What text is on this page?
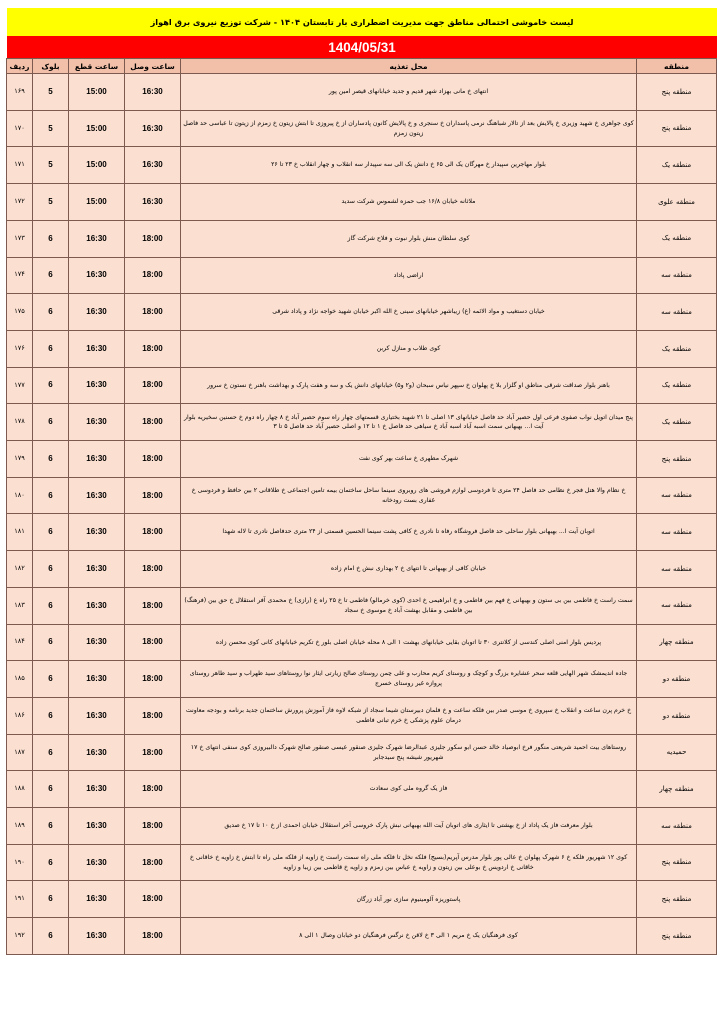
لیست خاموشی احتمالی مناطق جهت مدیریت اضطراری بار تابستان ۱۴۰۴ - شرکت توزیع نیروی برق اهواز
1404/05/31
منطقه	محل تغذیه	ساعت وصل	ساعت قطع	بلوک	ردیف
منطقه پنج	انتهای خ مانی بهزاد شهر قدیم و جدید خیابانهای قیصر امین پور	16:30	15:00	5	۱۶۹
منطقه پنج	کوی جواهری خ شهید وزیری خ پالایش بعد از تالار شباهنگ نرمی پاسداران خ سنجری و خ پالایش کانون پادساران از خ پیروزی تا ابتش زیتون خ زمزم از زیتون تا عباسی حد فاصل زیتون زمزم	16:30	15:00	5	۱۷۰
منطقه یک	بلوار مهاجرین سپیدار خ مهرگان یک الی ۶۵ خ دانش یک الی سه سپیدار سه انقلاب و چهار انقلاب خ ۲۳ تا ۲۶	16:30	15:00	5	۱۷۱
منطقه علوی	ملاثانه خیابان ۱۶/۸ جب حمزه لشموس شرکت سدید	16:30	15:00	5	۱۷۲
منطقه یک	کوی سلطان منش بلوار نبوت و فلاح شرکت گاز	18:00	16:30	6	۱۷۳
منطقه سه	اراضی پاداد	18:00	16:30	6	۱۷۴
منطقه سه	خیابان دستغیب و مواد الائمه (ع) زیباشهر خیابانهای سینی خ الله اکبر خیابان شهید خواجه نژاد و پاداد شرقی	18:00	16:30	6	۱۷۵
منطقه یک	کوی طلاب و منازل کربن	18:00	16:30	6	۱۷۶
منطقه یک	باهنر بلوار صداقت شرقی مناطق او گلزار بلا خ پهلوان خ سپهر نیاس سبحان (و۲ و۵) خیابانهای دانش یک و سه و هفت پارک و بهداشت باهنر خ نستون خ سرور	18:00	16:30	6	۱۷۷
منطقه یک	پنج میدان اتویل نواب صفوی فرعی اول حصیر آباد حد فاصل خیابانهای ۱۳ اصلی تا ۲۱ شهید بختیاری قسمتهای چهار راه سوم حصیر آباد خ ۸ چهار راه دوم خ حسنین سخیریه بلوار آیت ا... بهبهانی سمت اسبه آباد اسبه آباد خ سیاهی حد فاصل خ ۱ تا ۱۲ و اصلی حصیر آباد حد فاصل ۵ تا ۳	18:00	16:30	6	۱۷۸
منطقه پنج	شهرک مطهری خ ساعت بهر کوی نفت	18:00	16:30	6	۱۷۹
منطقه سه	خ نظام والا هتل فجر خ نظامی حد فاصل ۲۴ متری تا فردوسی لوازم فروشی های روبروی سینما ساحل ساختمان بیمه تامین اجتماعی خ طلاقانی ۲ بین حافظ و فردوسی خ غفاری بست رودخانه	18:00	16:30	6	۱۸۰
منطقه سه	اتوبان آیت ا... بهبهانی بلوار ساحلی حد فاصل فروشگاه رفاه تا نادری خ کافی پشت سینما الحسین قسمتی از ۲۴ متری حدفاصل نادری تا لاله شهدا	18:00	16:30	6	۱۸۱
منطقه سه	خیابان کافی از بهبهانی تا انتهای خ ۲ بهداری نبش خ امام زاده	18:00	16:30	6	۱۸۲
منطقه سه	سمت راست خ فاطمی بین بی ستون و بهبهانی خ فهم بین فاطمی و خ ابراهیمی خ احدی (کوی خرمالو) فاطمی تا خ ۲۵ راه ع (رازی) خ محمدی آفر استقلال خ حق بین (فرهنگ) بین فاطمی و مقابل بهشت آباد خ موسوی خ سجاد	18:00	16:30	6	۱۸۳
منطقه چهار	پردیس بلوار امنی اصلی کندسی از کلانتری ۳۰ تا اتوبان بقایی خیابانهای بهشت ۱ الی ۸ محله خیابان اصلی بلور خ تکریم خیابانهای کانی کوی محسن زاده	18:00	16:30	6	۱۸۴
منطقه دو	جاده اندیمشک شهر الهایی قلعه سحر عشایره بزرگ و کوچک و روستای کریم محارب و علی چمن روستای صالح زیارتی ایثار نوا روستاهای سید طهراب و سید طاهر روستای پروازه غیر روستای خسرج	18:00	16:30	6	۱۸۵
منطقه دو	خ خرم پرن ساعت و انقلاب خ سپروی خ موسی صدر بین فلکه ساعت و خ فلمان دبیرستان شیما سجاد از شبکه لاوه فاز آموزش پرورش ساختمان جدید برنامه و بودجه معاونت درمان علوم پزشکی خ خرم تبانی فاطمی	18:00	16:30	6	۱۸۶
حمیدیه	روستاهای بیت احمید شریعتی منگور فرخ ابوصیاد خالد حسن ابو سکور جلیزی عبدالرضا شهرک جلیزی صنقور عیسی صنقور صالح شهرک دالبیروزی کوی سنفی انتهای خ ۱۷ شهریور شیشه پنج سیدجابر	18:00	16:30	6	۱۸۷
منطقه چهار	فاز یک گروه ملی کوی سعادت	18:00	16:30	6	۱۸۸
منطقه سه	بلوار معرفت فاز یک پاداد از خ بهشتی تا ایثاری های اتوبان آیت الله بهبهانی نبش پارک خروسی آخر استقلال خیابان احمدی از خ ۱۰ تا ۱۷ خ صدیق	18:00	16:30	6	۱۸۹
منطقه پنج	کوی ۱۲ شهریور فلکه خ ۶ شهرک پهلوان خ عالی پور بلوار مدرس آپریم(بسیج) فلکه نخل تا فلکه ملی راه سمت راست خ زاویه از فلکه ملی راه تا ابتش خ زاویه خ خاقانی خ خاقانی خ اردویس خ بوعلی بین زیتون و زاویه خ عباس بین زمزم و زاویه خ قاطمی بین زیبا و زاویه	18:00	16:30	6	۱۹۰
منطقه پنج	پاستوریزه آلومینیوم سازی نور آباد زرگان	18:00	16:30	6	۱۹۱
منطقه پنج	کوی فرهنگیان یک خ مریم ۱ الی ۳ خ لاقن خ نرگس فرهنگیان دو خیابان وصال ۱ الی ۸	18:00	16:30	6	۱۹۲
